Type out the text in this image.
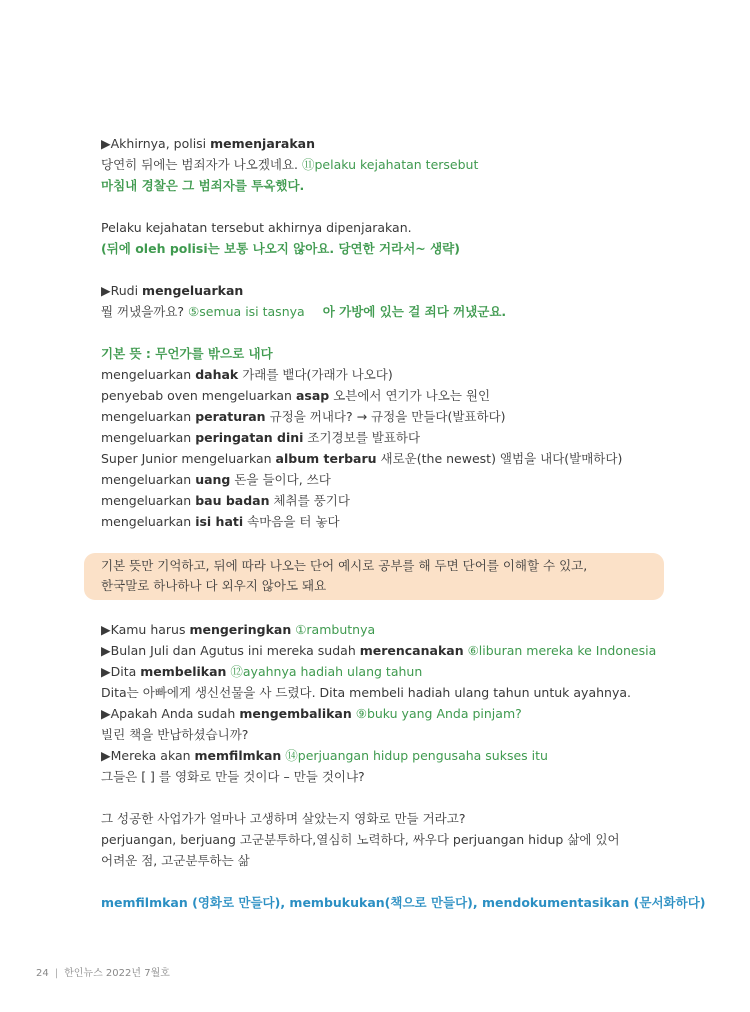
▶Akhirnya, polisi memenjarakan
당연히 뒤에는 범죄자가 나오겠네요. ⑪pelaku kejahatan tersebut
마침내 경찰은 그 범죄자를 투옥했다.
Pelaku kejahatan tersebut akhirnya dipenjarakan.
(뒤에 oleh polisi는 보통 나오지 않아요. 당연한 거라서~ 생략)
▶Rudi mengeluarkan
뭘 꺼냈을까요? ⑤semua isi tasnya 아 가방에 있는 걸 죄다 꺼냈군요.
기본 뜻 : 무언가를 밖으로 내다
mengeluarkan dahak 가래를 뱉다(가래가 나오다)
penyebab oven mengeluarkan asap 오븐에서 연기가 나오는 원인
mengeluarkan peraturan 규정을 꺼내다? → 규정을 만들다(발표하다)
mengeluarkan peringatan dini 조기경보를 발표하다
Super Junior mengeluarkan album terbaru 새로운(the newest) 앨범을 내다(발매하다)
mengeluarkan uang 돈을 들이다, 쓰다
mengeluarkan bau badan 체취를 풍기다
mengeluarkan isi hati 속마음을 터 놓다
기본 뜻만 기억하고, 뒤에 따라 나오는 단어 예시로 공부를 해 두면 단어를 이해할 수 있고,
한국말로 하나하나 다 외우지 않아도 돼요
▶Kamu harus mengeringkan ①rambutnya
▶Bulan Juli dan Agutus ini mereka sudah merencanakan ⑥liburan mereka ke Indonesia
▶Dita membelikan ⑫ayahnya hadiah ulang tahun
Dita는 아빠에게 생신선물을 사 드렸다. Dita membeli hadiah ulang tahun untuk ayahnya.
▶Apakah Anda sudah mengembalikan ⑨buku yang Anda pinjam?
빌린 책을 반납하셨습니까?
▶Mereka akan memfilmkan ⑭perjuangan hidup pengusaha sukses itu
그들은 [ ] 를 영화로 만들 것이다 – 만들 것이냐?
그 성공한 사업가가 얼마나 고생하며 살았는지 영화로 만들 거라고?
perjuangan, berjuang 고군분투하다,열심히 노력하다, 싸우다 perjuangan hidup 삶에 있어
어려운 점, 고군분투하는 삶
memfilmkan (영화로 만들다), membukukan(책으로 만들다), mendokumentasikan (문서화하다)
24 | 한인뉴스 2022년 7월호
